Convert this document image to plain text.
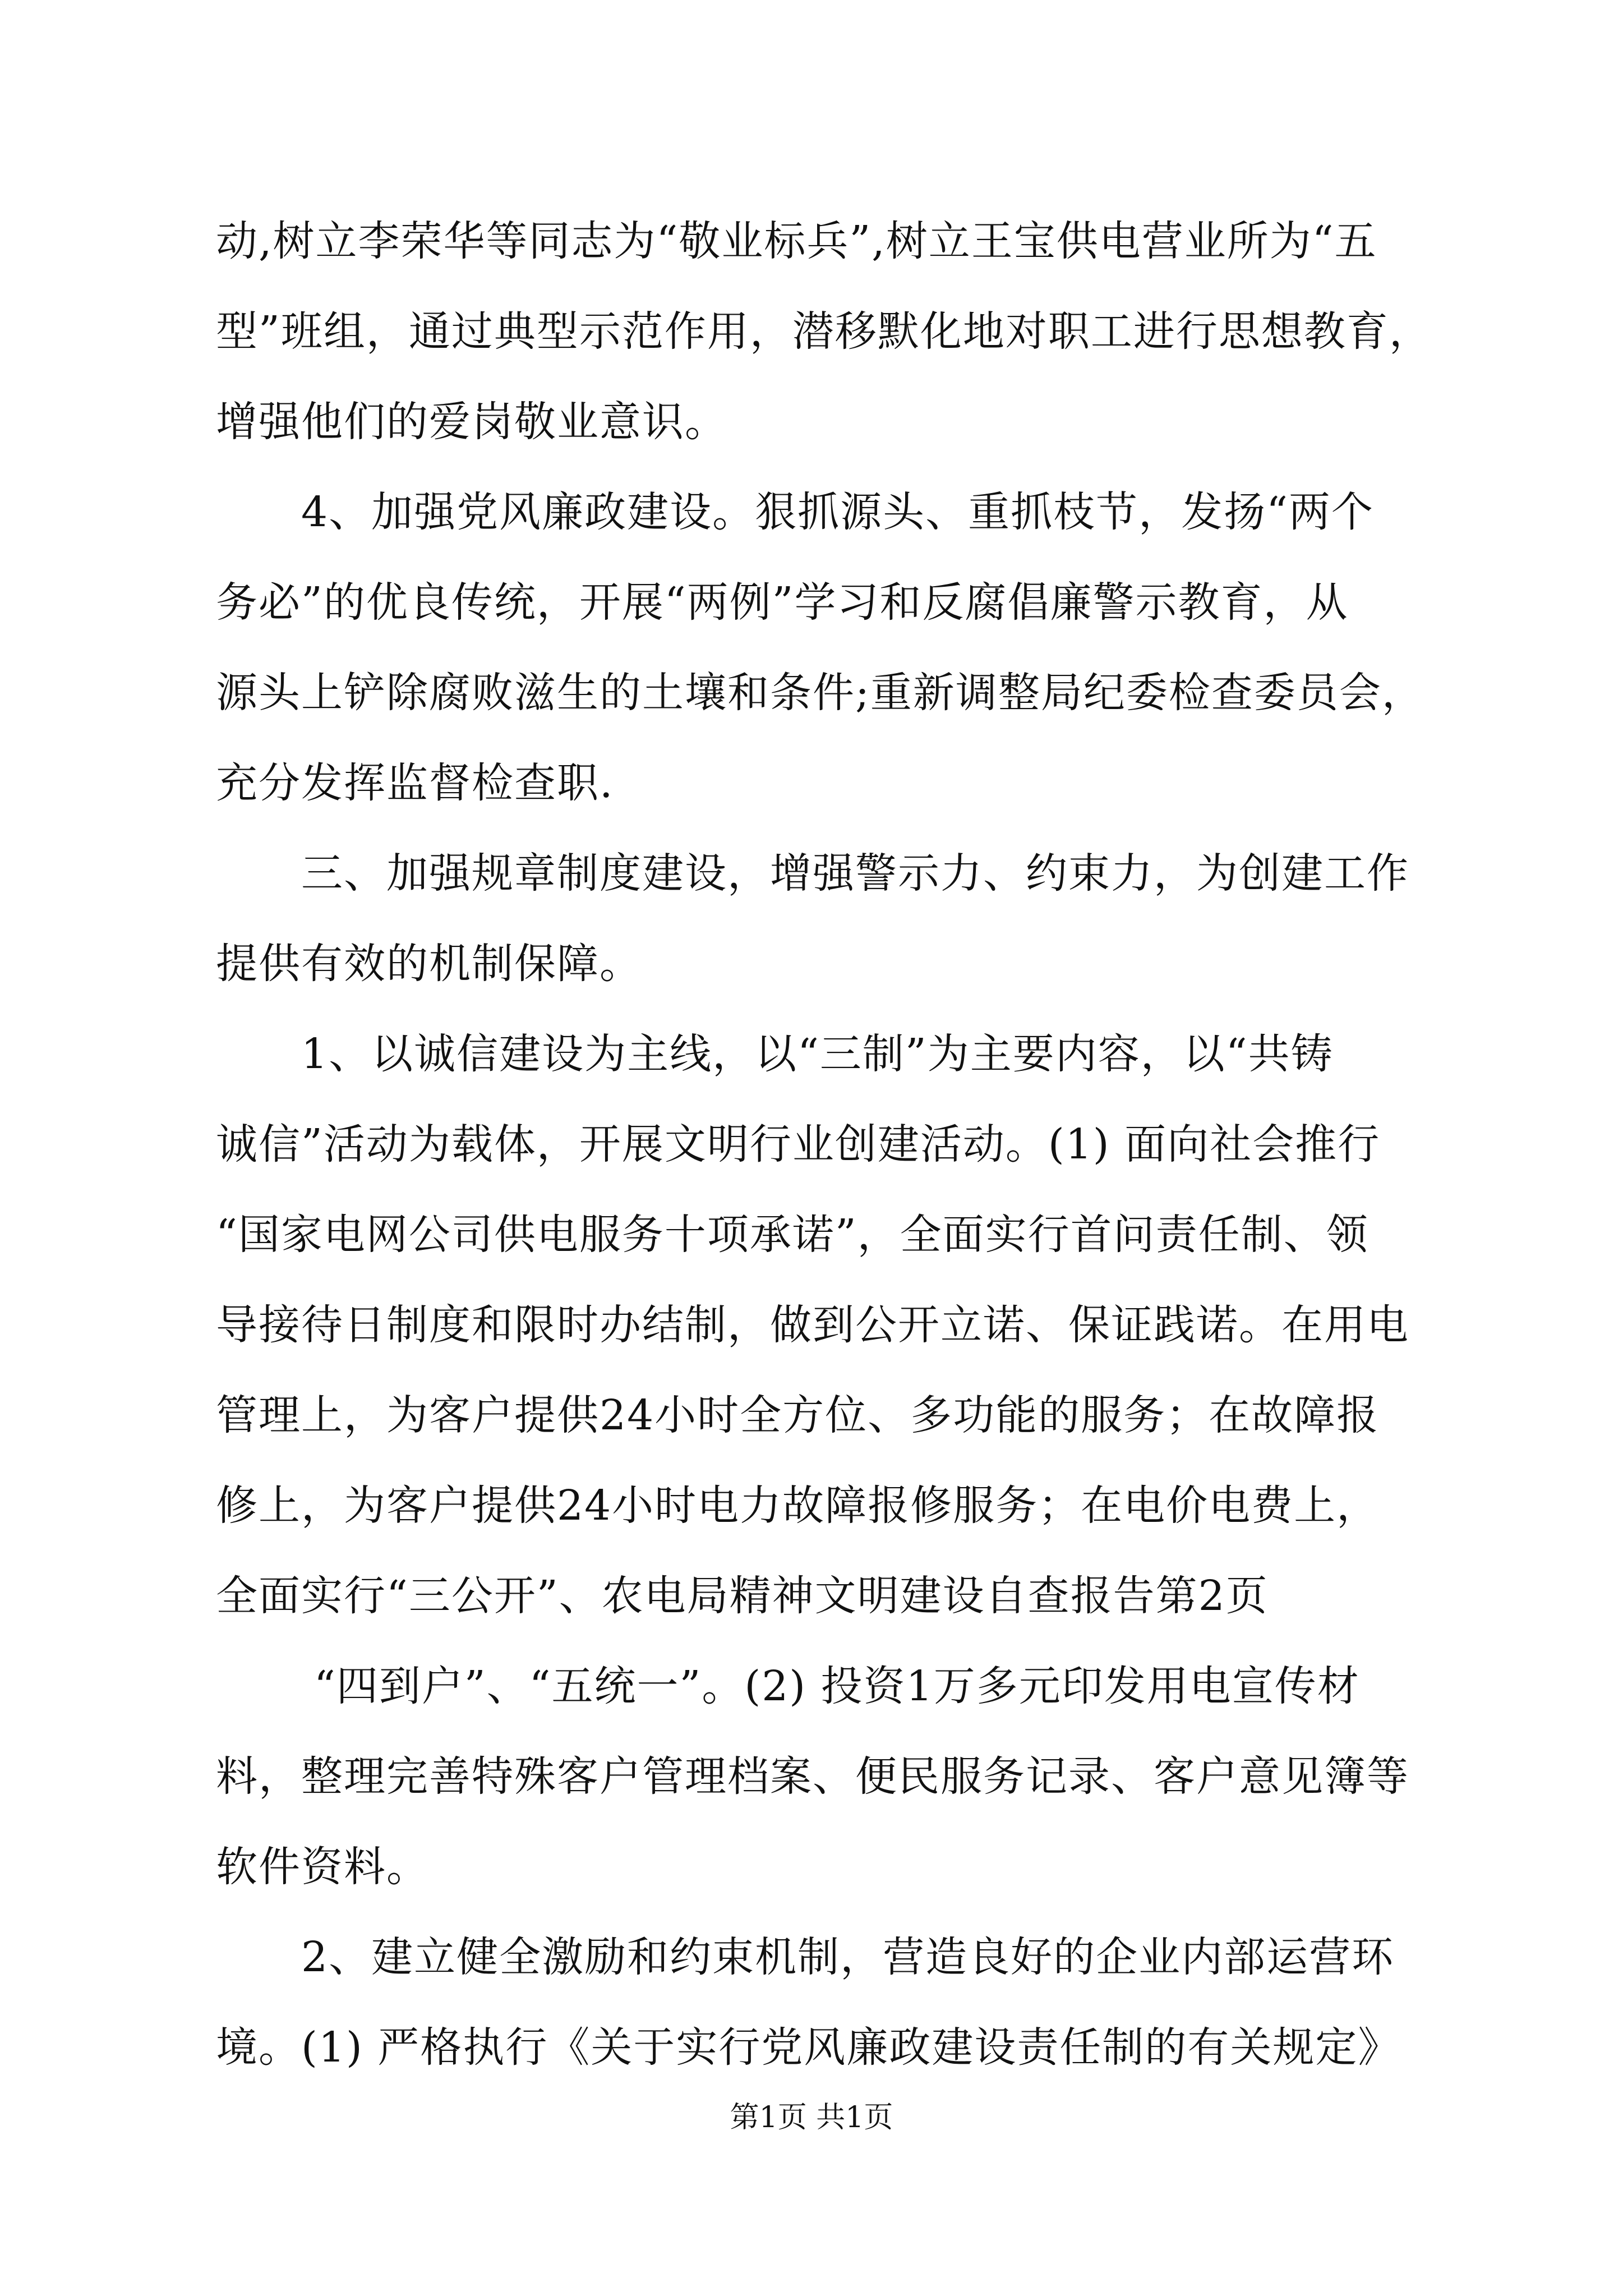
动,树立李荣华等同志为“敬业标兵”,树立王宝供电营业所为“五
型”班组，通过典型示范作用，潜移默化地对职工进行思想教育，
增强他们的爱岗敬业意识。
4、加强党风廉政建设。狠抓源头、重抓枝节，发扬“两个
务必”的优良传统，开展“两例”学习和反腐倡廉警示教育，从
源头上铲除腐败滋生的土壤和条件;重新调整局纪委检查委员会，
充分发挥监督检查职.
三、加强规章制度建设，增强警示力、约束力，为创建工作
提供有效的机制保障。
1、以诚信建设为主线，以“三制”为主要内容，以“共铸
诚信”活动为载体，开展文明行业创建活动。(1) 面向社会推行
“国家电网公司供电服务十项承诺”，全面实行首问责任制、领
导接待日制度和限时办结制，做到公开立诺、保证践诺。在用电
管理上，为客户提供24小时全方位、多功能的服务；在故障报
修上，为客户提供24小时电力故障报修服务；在电价电费上，
全面实行“三公开”、农电局精神文明建设自查报告第2页
“四到户”、“五统一”。(2) 投资1万多元印发用电宣传材
料，整理完善特殊客户管理档案、便民服务记录、客户意见簿等
软件资料。
2、建立健全激励和约束机制，营造良好的企业内部运营环
境。(1) 严格执行《关于实行党风廉政建设责任制的有关规定》
第1页 共1页
